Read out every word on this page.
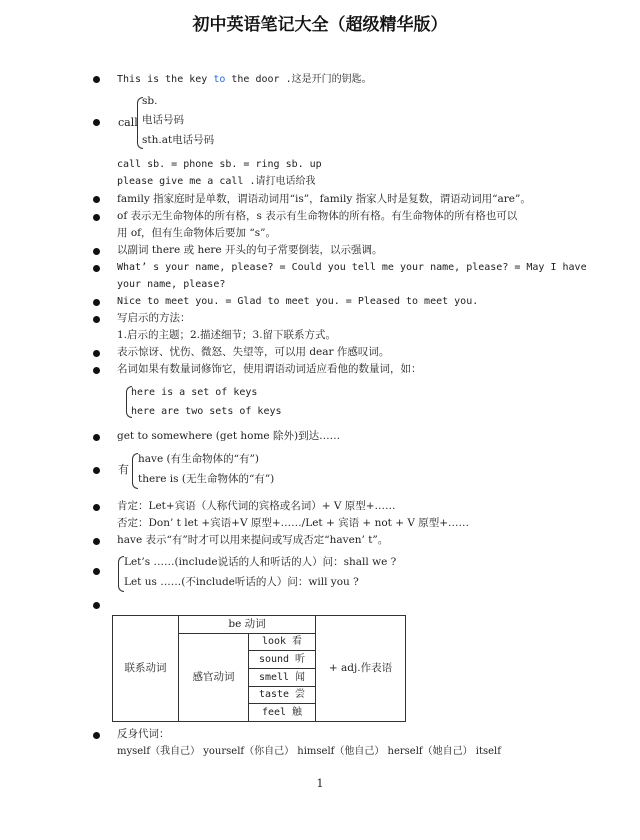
初中英语笔记大全（超级精华版）
This is the key to the door .这是开门的钥匙。
call
sb.
电话号码
sth.at电话号码
call sb. = phone sb. = ring sb. up
please give me a call .请打电话给我
family 指家庭时是单数，谓语动词用“is”，family 指家人时是复数，谓语动词用“are”。
of 表示无生命物体的所有格，s 表示有生命物体的所有格。有生命物体的所有格也可以
用 of，但有生命物体后要加 “s”。
以副词 there 或 here 开头的句子常要倒装，以示强调。
What’ s your name, please? = Could you tell me your name, please? = May I have
your name, please?
Nice to meet you. = Glad to meet you. = Pleased to meet you.
写启示的方法：
1.启示的主题；2.描述细节；3.留下联系方式。
表示惊讶、忧伤、微怒、失望等，可以用 dear 作感叹词。
名词如果有数量词修饰它，使用谓语动词适应看他的数量词，如：
here is a set of keys
here are two sets of keys
get to somewhere (get home 除外)到达……
有
have (有生命物体的“有”)
there is (无生命物体的“有”)
肯定：Let+宾语（人称代词的宾格或名词）+ V 原型+……
否定：Don’ t let +宾语+V 原型+……/Let + 宾语 + not + V 原型+……
have 表示“有”时才可以用来提问或写成否定“haven’ t”。
Let’s ……(include说话的人和听话的人）问：shall we ?
Let us ……(不include听话的人）问：will you ?
联系动词	be 动词		+ adj.作表语
	感官动词	look 看	
		sound 听	
		smell 闻	
		taste 尝	
		feel 触	
反身代词：
myself（我自己） yourself（你自己） himself（他自己） herself（她自己） itself
1
